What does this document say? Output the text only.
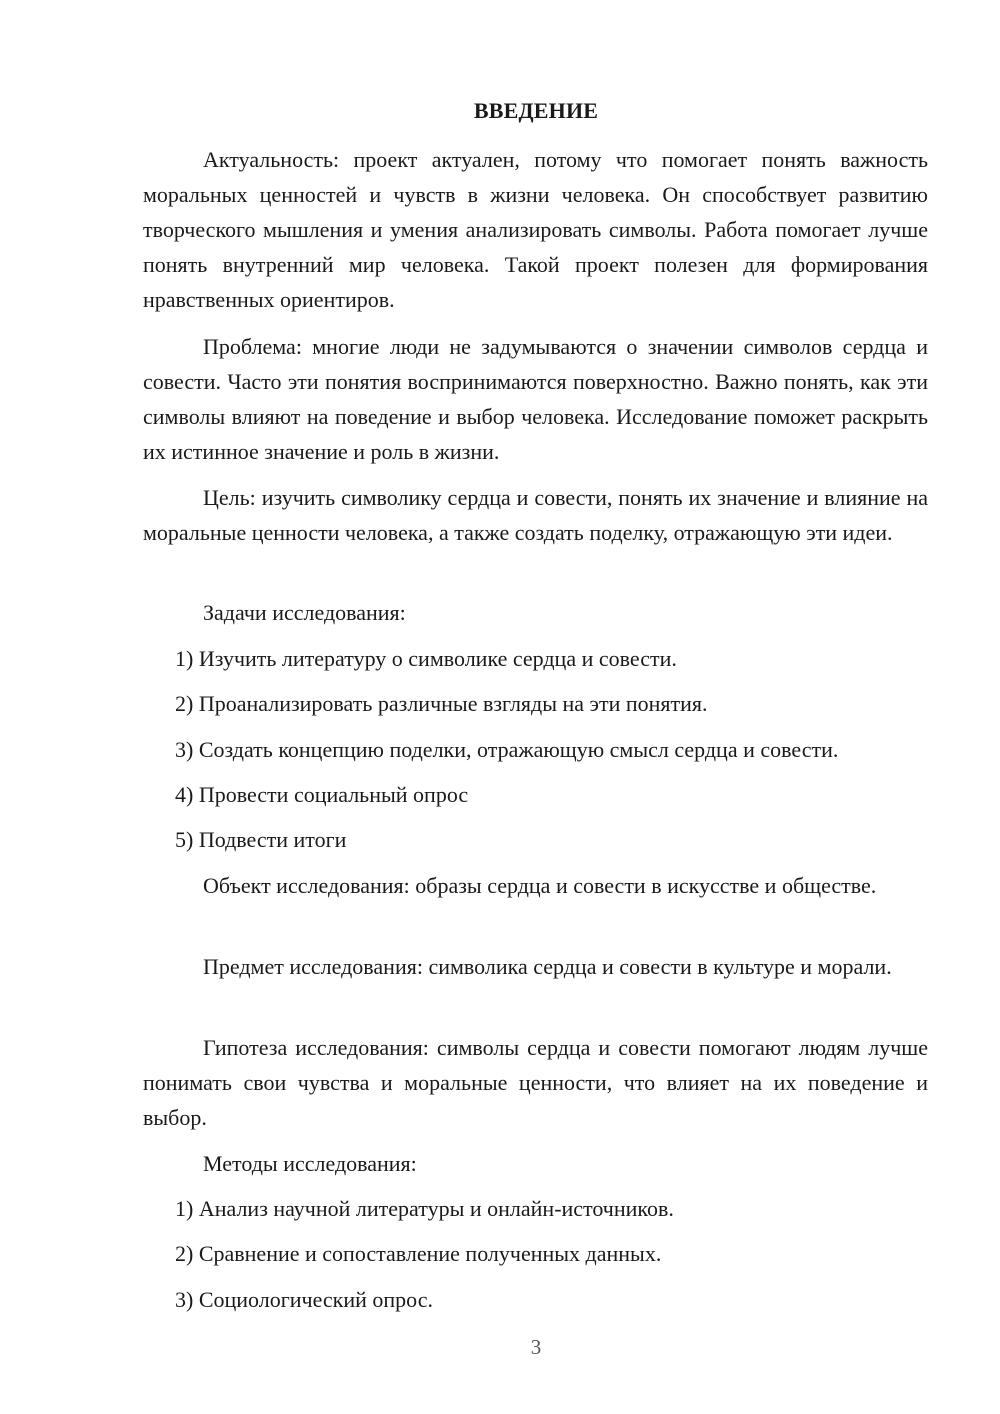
ВВЕДЕНИЕ

Актуальность: проект актуален, потому что помогает понять важность моральных ценностей и чувств в жизни человека. Он способствует развитию творческого мышления и умения анализировать символы. Работа помогает лучше понять внутренний мир человека. Такой проект полезен для формирования нравственных ориентиров.

Проблема: многие люди не задумываются о значении символов сердца и совести. Часто эти понятия воспринимаются поверхностно. Важно понять, как эти символы влияют на поведение и выбор человека. Исследование поможет раскрыть их истинное значение и роль в жизни.

Цель: изучить символику сердца и совести, понять их значение и влияние на моральные ценности человека, а также создать поделку, отражающую эти идеи.

Задачи исследования:

1) Изучить литературу о символике сердца и совести.

2) Проанализировать различные взгляды на эти понятия.

3) Создать концепцию поделки, отражающую смысл сердца и совести.

4) Провести социальный опрос

5) Подвести итоги

Объект исследования: образы сердца и совести в искусстве и обществе.

Предмет исследования: символика сердца и совести в культуре и морали.

Гипотеза исследования: символы сердца и совести помогают людям лучше понимать свои чувства и моральные ценности, что влияет на их поведение и выбор.

Методы исследования:

1) Анализ научной литературы и онлайн-источников.

2) Сравнение и сопоставление полученных данных.

3) Социологический опрос.

3
